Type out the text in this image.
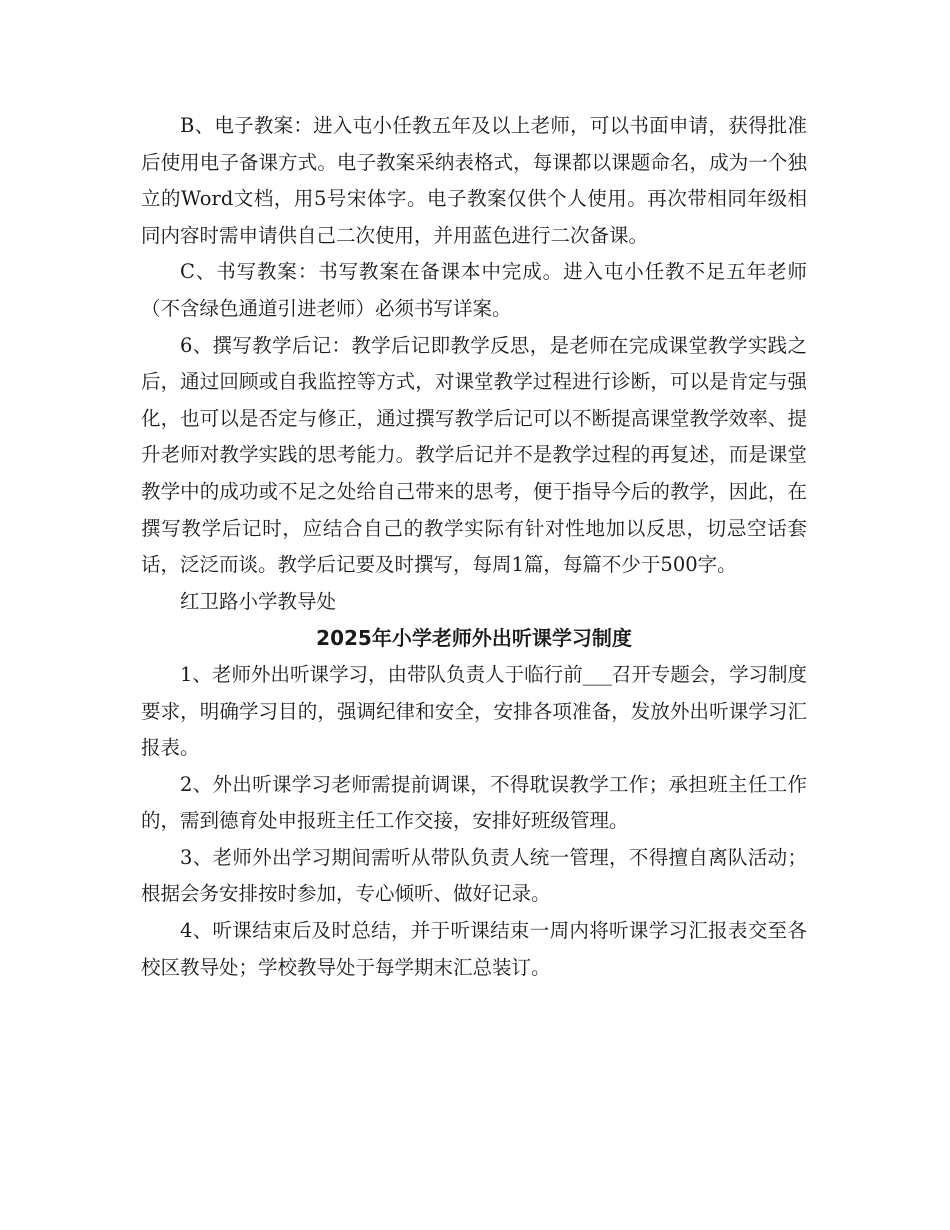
B、电子教案：进入屯小任教五年及以上老师，可以书面申请，获得批准后使用电子备课方式。电子教案采纳表格式，每课都以课题命名，成为一个独立的Word文档，用5号宋体字。电子教案仅供个人使用。再次带相同年级相同内容时需申请供自己二次使用，并用蓝色进行二次备课。

C、书写教案：书写教案在备课本中完成。进入屯小任教不足五年老师（不含绿色通道引进老师）必须书写详案。

6、撰写教学后记：教学后记即教学反思，是老师在完成课堂教学实践之后，通过回顾或自我监控等方式，对课堂教学过程进行诊断，可以是肯定与强化，也可以是否定与修正，通过撰写教学后记可以不断提高课堂教学效率、提升老师对教学实践的思考能力。教学后记并不是教学过程的再复述，而是课堂教学中的成功或不足之处给自己带来的思考，便于指导今后的教学，因此，在撰写教学后记时，应结合自己的教学实际有针对性地加以反思，切忌空话套话，泛泛而谈。教学后记要及时撰写，每周1篇，每篇不少于500字。

红卫路小学教导处

2025年小学老师外出听课学习制度

1、老师外出听课学习，由带队负责人于临行前___召开专题会，学习制度要求，明确学习目的，强调纪律和安全，安排各项准备，发放外出听课学习汇报表。

2、外出听课学习老师需提前调课，不得耽误教学工作；承担班主任工作的，需到德育处申报班主任工作交接，安排好班级管理。

3、老师外出学习期间需听从带队负责人统一管理，不得擅自离队活动；根据会务安排按时参加，专心倾听、做好记录。

4、听课结束后及时总结，并于听课结束一周内将听课学习汇报表交至各校区教导处；学校教导处于每学期末汇总装订。
